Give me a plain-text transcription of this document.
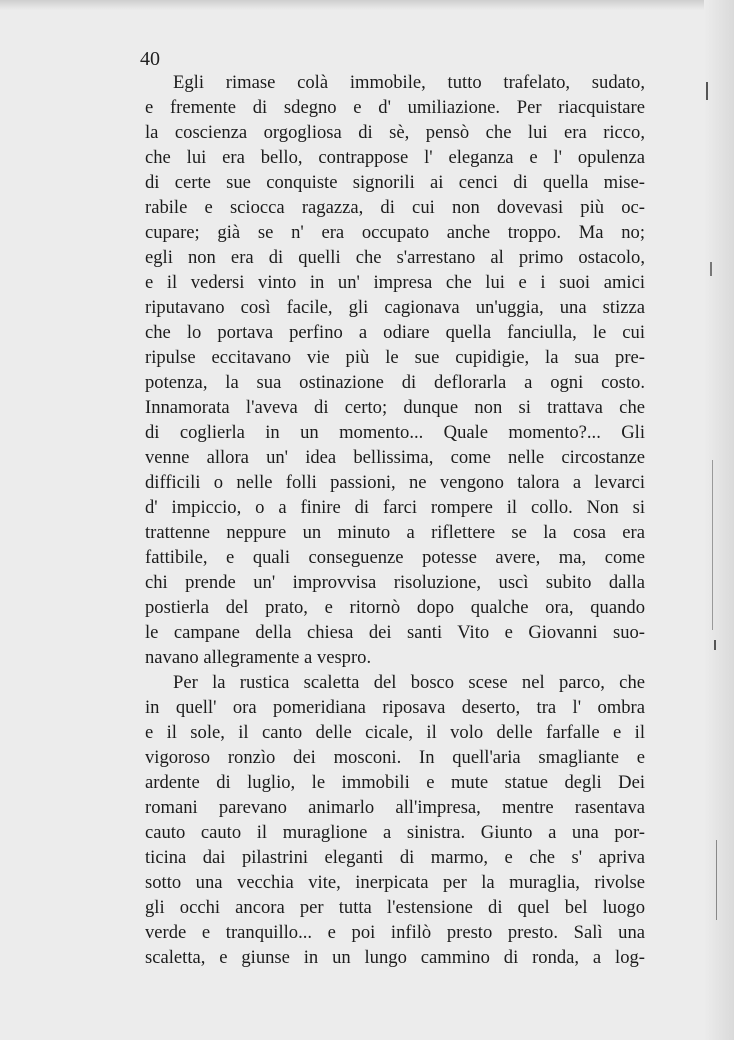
40
Egli rimase colà immobile, tutto trafelato, sudato,
e fremente di sdegno e d' umiliazione. Per riacquistare
la coscienza orgogliosa di sè, pensò che lui era ricco,
che lui era bello, contrappose l' eleganza e l' opulenza
di certe sue conquiste signorili ai cenci di quella mise-
rabile e sciocca ragazza, di cui non dovevasi più oc-
cupare; già se n' era occupato anche troppo. Ma no;
egli non era di quelli che s'arrestano al primo ostacolo,
e il vedersi vinto in un' impresa che lui e i suoi amici
riputavano così facile, gli cagionava un'uggia, una stizza
che lo portava perfino a odiare quella fanciulla, le cui
ripulse eccitavano vie più le sue cupidigie, la sua pre-
potenza, la sua ostinazione di deflorarla a ogni costo.
Innamorata l'aveva di certo; dunque non si trattava che
di coglierla in un momento... Quale momento?... Gli
venne allora un' idea bellissima, come nelle circostanze
difficili o nelle folli passioni, ne vengono talora a levarci
d' impiccio, o a finire di farci rompere il collo. Non si
trattenne neppure un minuto a riflettere se la cosa era
fattibile, e quali conseguenze potesse avere, ma, come
chi prende un' improvvisa risoluzione, uscì subito dalla
postierla del prato, e ritornò dopo qualche ora, quando
le campane della chiesa dei santi Vito e Giovanni suo-
navano allegramente a vespro.
Per la rustica scaletta del bosco scese nel parco, che
in quell' ora pomeridiana riposava deserto, tra l' ombra
e il sole, il canto delle cicale, il volo delle farfalle e il
vigoroso ronzìo dei mosconi. In quell'aria smagliante e
ardente di luglio, le immobili e mute statue degli Dei
romani parevano animarlo all'impresa, mentre rasentava
cauto cauto il muraglione a sinistra. Giunto a una por-
ticina dai pilastrini eleganti di marmo, e che s' apriva
sotto una vecchia vite, inerpicata per la muraglia, rivolse
gli occhi ancora per tutta l'estensione di quel bel luogo
verde e tranquillo... e poi infilò presto presto. Salì una
scaletta, e giunse in un lungo cammino di ronda, a log-
